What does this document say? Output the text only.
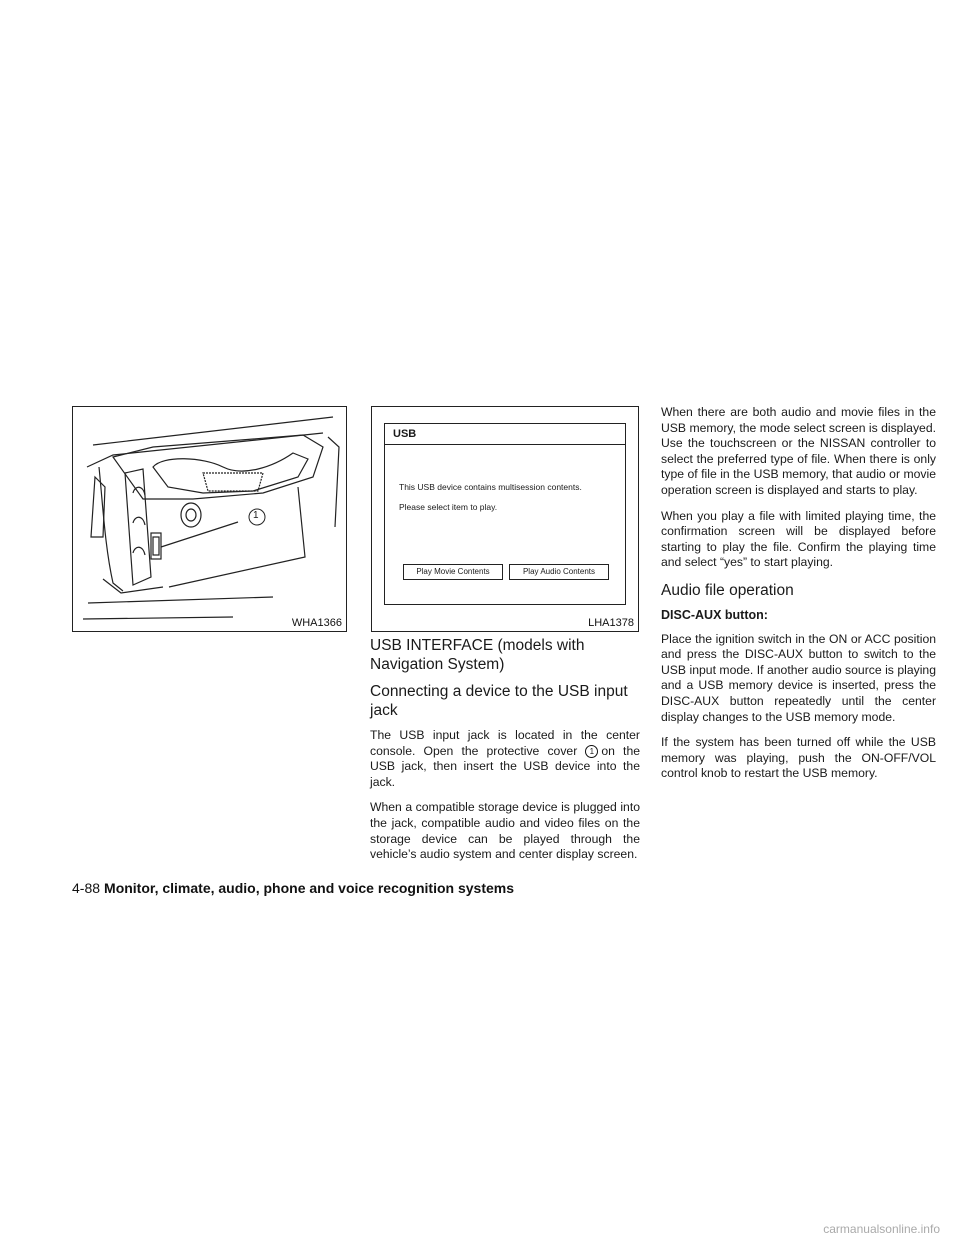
1
WHA1366
USB
This USB device contains multisession contents.
Please select item to play.
Play Movie Contents	Play Audio Contents
LHA1378
USB INTERFACE (models with Navigation System)
Connecting a device to the USB input jack

The USB input jack is located in the center console. Open the protective cover 1 on the USB jack, then insert the USB device into the jack.

When a compatible storage device is plugged into the jack, compatible audio and video files on the storage device can be played through the vehicle’s audio system and center display screen.

When there are both audio and movie files in the USB memory, the mode select screen is displayed. Use the touchscreen or the NISSAN controller to select the preferred type of file. When there is only type of file in the USB memory, that audio or movie operation screen is displayed and starts to play.

When you play a file with limited playing time, the confirmation screen will be displayed before starting to play the file. Confirm the playing time and select “yes” to start playing.

Audio file operation
DISC-AUX button:

Place the ignition switch in the ON or ACC position and press the DISC-AUX button to switch to the USB input mode. If another audio source is playing and a USB memory device is inserted, press the DISC-AUX button repeatedly until the center display changes to the USB memory mode.

If the system has been turned off while the USB memory was playing, push the ON-OFF/VOL control knob to restart the USB memory.

4-88 Monitor, climate, audio, phone and voice recognition systems
carmanualsonline.info
